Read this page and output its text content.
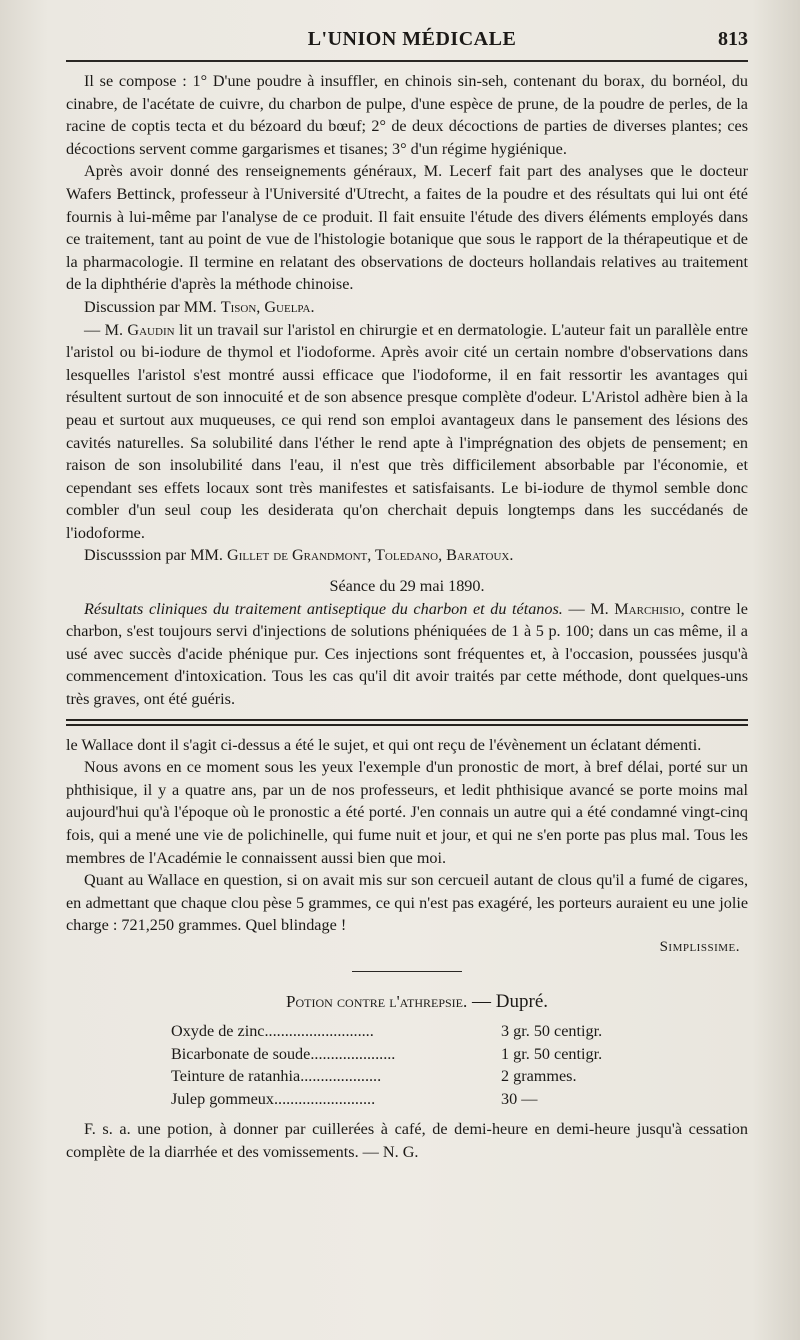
L'UNION MÉDICALE	813

Il se compose : 1° D'une poudre à insuffler, en chinois sin-seh, contenant du borax, du bornéol, du cinabre, de l'acétate de cuivre, du charbon de pulpe, d'une espèce de prune, de la poudre de perles, de la racine de coptis tecta et du bézoard du bœuf; 2° de deux décoctions de parties de diverses plantes; ces décoctions servent comme gargarismes et tisanes; 3° d'un régime hygiénique.

Après avoir donné des renseignements généraux, M. Lecerf fait part des analyses que le docteur Wafers Bettinck, professeur à l'Université d'Utrecht, a faites de la poudre et des résultats qui lui ont été fournis à lui-même par l'analyse de ce produit. Il fait ensuite l'étude des divers éléments employés dans ce traitement, tant au point de vue de l'histologie botanique que sous le rapport de la thérapeutique et de la pharmacologie. Il termine en relatant des observations de docteurs hollandais relatives au traitement de la diphthérie d'après la méthode chinoise.

Discussion par MM. Tison, Guelpa.

— M. Gaudin lit un travail sur l'aristol en chirurgie et en dermatologie. L'auteur fait un parallèle entre l'aristol ou bi-iodure de thymol et l'iodoforme. Après avoir cité un certain nombre d'observations dans lesquelles l'aristol s'est montré aussi efficace que l'iodoforme, il en fait ressortir les avantages qui résultent surtout de son innocuité et de son absence presque complète d'odeur. L'Aristol adhère bien à la peau et surtout aux muqueuses, ce qui rend son emploi avantageux dans le pansement des lésions des cavités naturelles. Sa solubilité dans l'éther le rend apte à l'imprégnation des objets de pensement; en raison de son insolubilité dans l'eau, il n'est que très difficilement absorbable par l'économie, et cependant ses effets locaux sont très manifestes et satisfaisants. Le bi-iodure de thymol semble donc combler d'un seul coup les desiderata qu'on cherchait depuis longtemps dans les succédanés de l'iodoforme.

Discusssion par MM. Gillet de Grandmont, Toledano, Baratoux.

Séance du 29 mai 1890.

Résultats cliniques du traitement antiseptique du charbon et du tétanos. — M. Marchisio, contre le charbon, s'est toujours servi d'injections de solutions phéniquées de 1 à 5 p. 100; dans un cas même, il a usé avec succès d'acide phénique pur. Ces injections sont fréquentes et, à l'occasion, poussées jusqu'à commencement d'intoxication. Tous les cas qu'il dit avoir traités par cette méthode, dont quelques-uns très graves, ont été guéris.

le Wallace dont il s'agit ci-dessus a été le sujet, et qui ont reçu de l'évènement un éclatant démenti.

Nous avons en ce moment sous les yeux l'exemple d'un pronostic de mort, à bref délai, porté sur un phthisique, il y a quatre ans, par un de nos professeurs, et ledit phthisique avancé se porte moins mal aujourd'hui qu'à l'époque où le pronostic a été porté. J'en connais un autre qui a été condamné vingt-cinq fois, qui a mené une vie de polichinelle, qui fume nuit et jour, et qui ne s'en porte pas plus mal. Tous les membres de l'Académie le connaissent aussi bien que moi.

Quant au Wallace en question, si on avait mis sur son cercueil autant de clous qu'il a fumé de cigares, en admettant que chaque clou pèse 5 grammes, ce qui n'est pas exagéré, les porteurs auraient eu une jolie charge : 721,250 grammes. Quel blindage !

Simplissime.
Potion contre l'athrepsie. — Dupré.
Oxyde de zinc...........................	3 gr. 50 centigr.
Bicarbonate de soude.....................	1 gr. 50 centigr.
Teinture de ratanhia....................	2 grammes.
Julep gommeux.........................	30 —

F. s. a. une potion, à donner par cuillerées à café, de demi-heure en demi-heure jusqu'à cessation complète de la diarrhée et des vomissements. — N. G.
